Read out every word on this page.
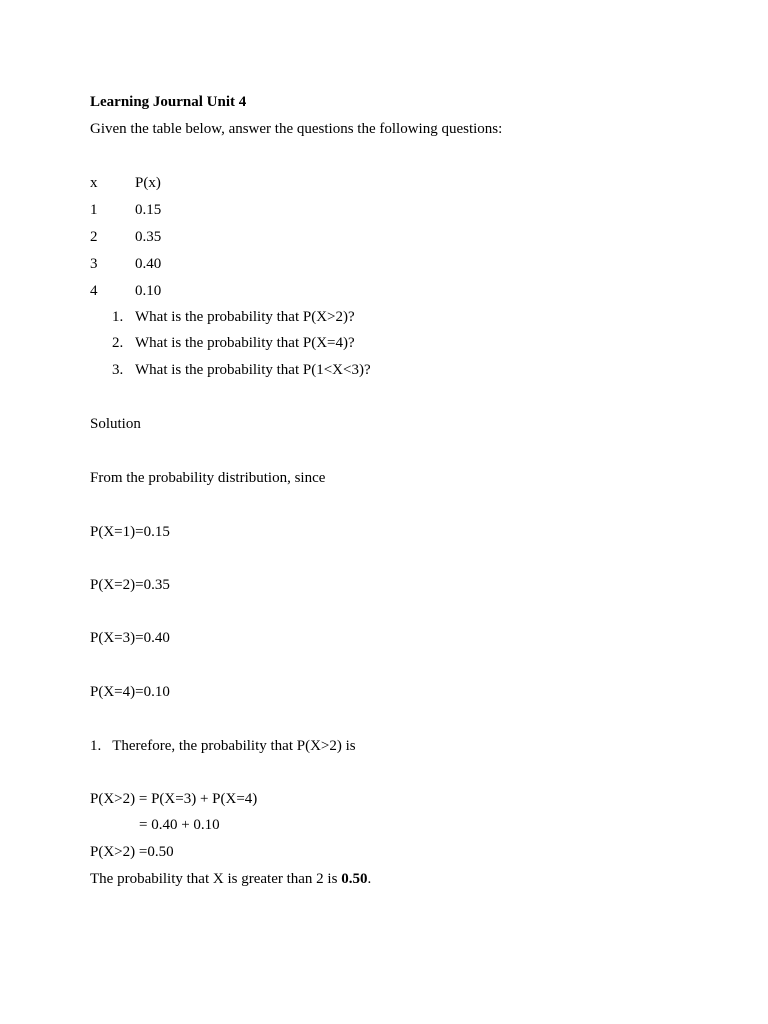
Learning Journal Unit 4
Given the table below, answer the questions the following questions:
x	P(x)
1	0.15
2	0.35
3	0.40
4	0.10
1. What is the probability that P(X>2)?
2. What is the probability that P(X=4)?
3. What is the probability that P(1<X<3)?
Solution
From the probability distribution, since
P(X=1)=0.15
P(X=2)=0.35
P(X=3)=0.40
P(X=4)=0.10
1.   Therefore, the probability that P(X>2) is
P(X>2) = P(X=3) + P(X=4)
= 0.40 + 0.10
P(X>2) =0.50
The probability that X is greater than 2 is 0.50.
